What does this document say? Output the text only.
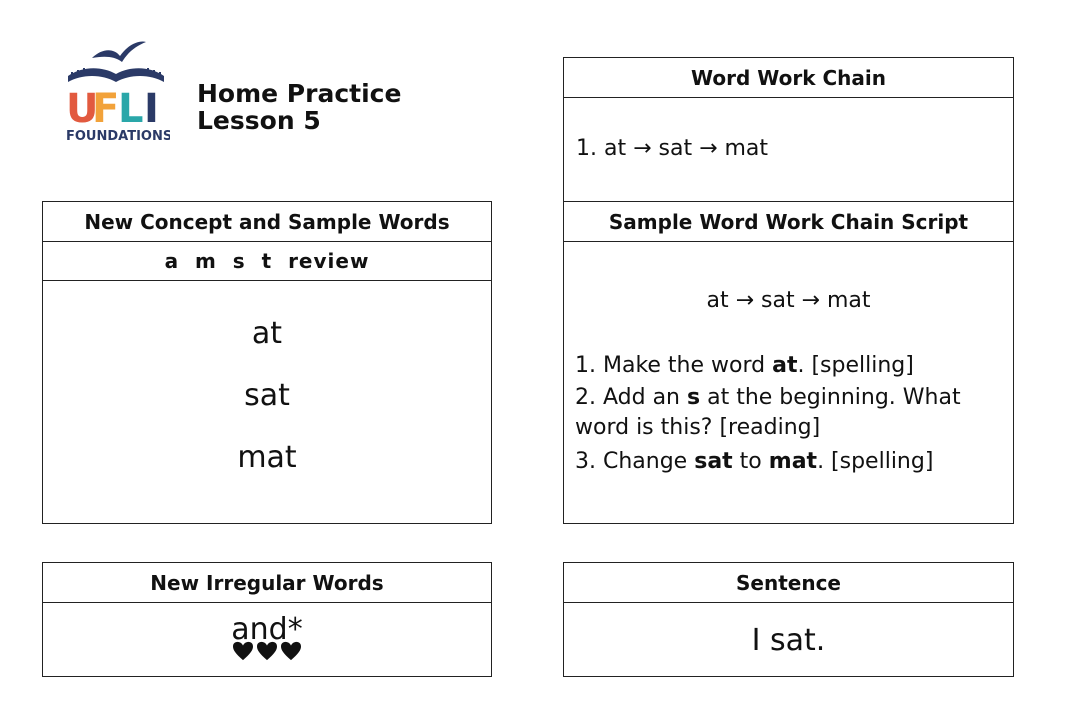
U
F
L I
FOUNDATIONS
Home Practice
Lesson 5
New Concept and Sample Words
a  m  s  t  review
at
sat
mat
Word Work Chain
1. at → sat → mat
Sample Word Work Chain Script
at → sat → mat

1. Make the word at. [spelling]

2. Add an s at the beginning. What word is this? [reading]

3. Change sat to mat. [spelling]

New Irregular Words
and*
Sentence
I sat.
